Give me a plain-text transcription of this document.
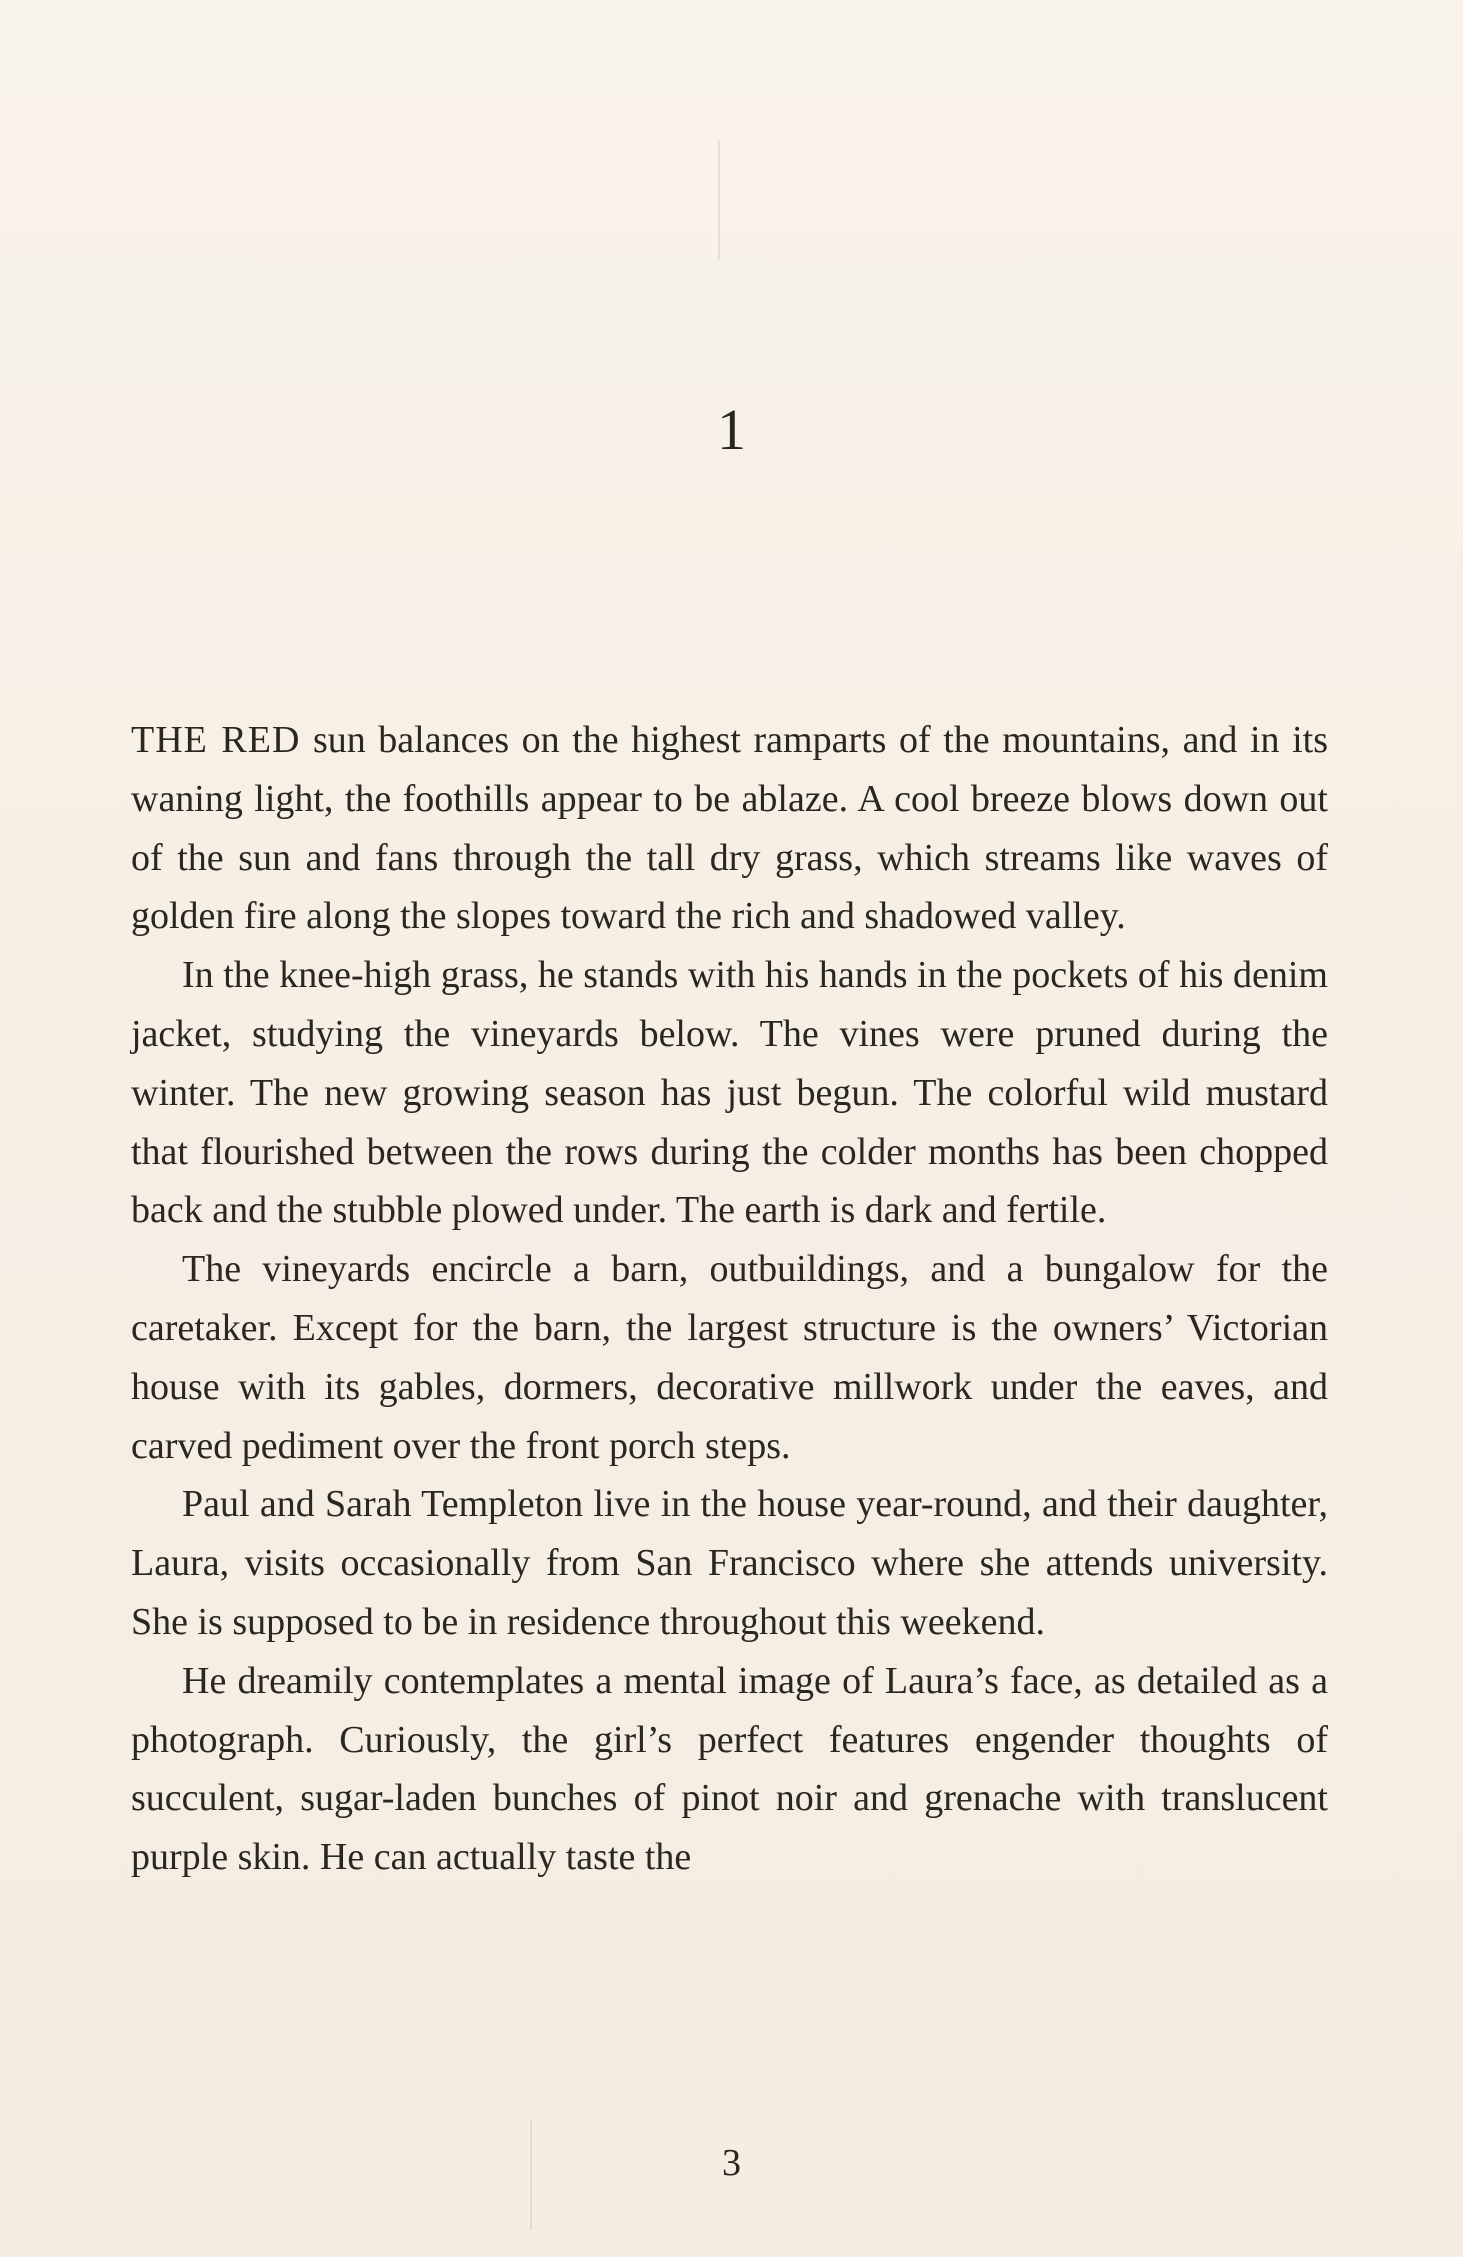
1

THE RED sun balances on the highest ramparts of the mountains, and in its waning light, the foothills appear to be ablaze. A cool breeze blows down out of the sun and fans through the tall dry grass, which streams like waves of golden fire along the slopes toward the rich and shadowed valley.

In the knee-high grass, he stands with his hands in the pockets of his denim jacket, studying the vineyards below. The vines were pruned during the winter. The new growing season has just begun. The colorful wild mustard that flourished between the rows during the colder months has been chopped back and the stubble plowed under. The earth is dark and fertile.

The vineyards encircle a barn, outbuildings, and a bungalow for the caretaker. Except for the barn, the largest structure is the owners’ Victorian house with its gables, dormers, decorative millwork under the eaves, and carved pediment over the front porch steps.

Paul and Sarah Templeton live in the house year-round, and their daughter, Laura, visits occasionally from San Francisco where she attends university. She is supposed to be in residence throughout this weekend.

He dreamily contemplates a mental image of Laura’s face, as detailed as a photograph. Curiously, the girl’s perfect features engender thoughts of succulent, sugar-laden bunches of pinot noir and grenache with translucent purple skin. He can actually taste the

3
